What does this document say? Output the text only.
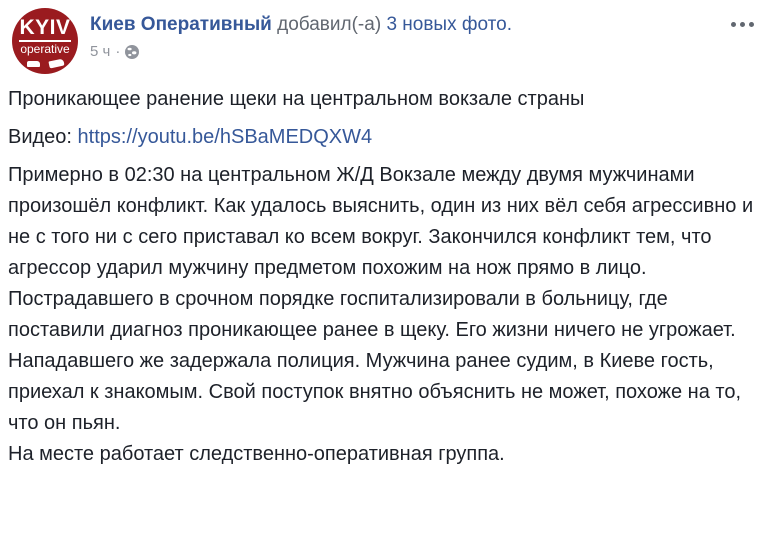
KYIV
operative
Киев Оперативный добавил(-а) 3 новых фото.
5 ч ·
Проникающее ранение щеки на центральном вокзале страны
Видео: https://youtu.be/hSBaMEDQXW4
Примерно в 02:30 на центральном Ж/Д Вокзале между двумя мужчинами произошёл конфликт. Как удалось выяснить, один из них вёл себя агрессивно и не с того ни с сего приставал ко всем вокруг. Закончился конфликт тем, что агрессор ударил мужчину предметом похожим на нож прямо в лицо.
Пострадавшего в срочном порядке госпитализировали в больницу, где поставили диагноз проникающее ранее в щеку. Его жизни ничего не угрожает.
Нападавшего же задержала полиция. Мужчина ранее судим, в Киеве гость, приехал к знакомым. Свой поступок внятно объяснить не может, похоже на то, что он пьян.
На месте работает следственно-оперативная группа.
